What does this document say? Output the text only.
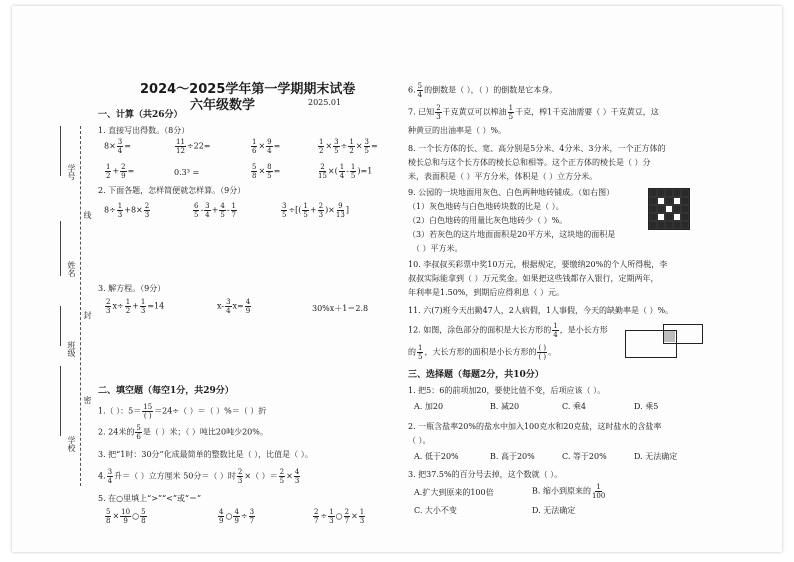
2024～2025学年第一学期期末试卷
六年级数学	2025.01
学号
线
姓名
封
班级
密
学校
一、计算（共26分）
1. 直接写出得数。（8分）
$8\times \frac{3}{4}$ =	$\frac{11}{12} \div 22=$	$\frac{1}{6} \times \frac{9}{4}$ =	$\frac{1}{2} \times \frac{3}{5} \div \frac{1}{2} \times \frac{3}{5}$ =
$\frac{1}{2} + \frac{2}{9}$ =	0.3³ =	$\frac{5}{8} \times \frac{8}{5}$ =	$\frac{2}{15}$ ×( $\frac{1}{4} - \frac{1}{5} )=1$
2. 下面各题，怎样简便就怎样算。（9分）
$8\div \frac{1}{3} +8\times \frac{2}{3}$	$\frac{6}{5} - \frac{3}{4} + \frac{4}{5} - \frac{1}{7}$	$\frac{3}{5}$ ÷[( $\frac{1}{5} + \frac{2}{3}$ )× $\frac{9}{13}$ ]
3. 解方程。（9分）
$\frac{2}{3} x\div \frac{1}{2} + \frac{1}{3} =14$	$x- \frac{3}{4} x= \frac{4}{9}$	30%x＋1＝2.8
二、填空题（每空1分，共29分）
1.（ ）：$5= \frac{15}{( )} =24\div$（ ）＝（ ）%＝（ ）折
2. 24米的 $\frac{5}{6}$ 是（ ）米；（ ）吨比20吨少20%。
3. 把“1时：30分”化成最简单的整数比是（ ），比值是（ ）。
4. $\frac{3}{4}$ 升＝（ ）立方厘米 50分＝（ ）时 $\frac{2}{3}$ ×（ ）＝ $\frac{2}{5} \times \frac{4}{3}$
5. 在○里填上“>”“<”或“＝”
$\frac{5}{8} \times \frac{10}{9}$ ○ $\frac{5}{8}$	$\frac{4}{9}$ ○ $\frac{4}{9} \div \frac{3}{7}$	$\frac{2}{7} \div \frac{1}{3}$ ○ $\frac{2}{7} \times \frac{1}{3}$
6. $\frac{5}{4}$ 的倒数是（ ），（ ）的倒数是它本身。
7. 已知 $\frac{2}{3}$ 千克黄豆可以榨油 $\frac{1}{5}$ 千克，榨1千克油需要（ ）千克黄豆，这
种黄豆的出油率是（ ）%。
8. 一个长方体的长、宽、高分别是5分米、4分米、3分米，一个正方体的
棱长总和与这个长方体的棱长总和相等。这个正方体的棱长是（ ）分
米，表面积是（ ）平方分米，体积是（ ）立方分米。
9. 公园的一块地面用灰色、白色两种地砖铺成。（如右图）
（1）灰色地砖与白色地砖块数的比是（ ）。
（2）白色地砖的用量比灰色地砖少（ ）%。
（3）若灰色的这片地面面积是20平方米，这块地的面积是
（ ）平方米。
10. 李叔叔买彩票中奖10万元，根据规定，要缴纳20%的个人所得税，李
叔叔实际能拿到（ ）万元奖金。如果把这些钱都存入银行，定期两年，
年利率是1.50%，到期后应得利息（ ）元。
11. 六(7)班今天出勤47人，2人病假，1人事假，今天的缺勤率是（ ）%。
12. 如图，涂色部分的面积是大长方形的 $\frac{1}{4}$ ，是小长方形
的 $\frac{1}{5}$ ，大长方形的面积是小长方形的 $\frac{( )}{( )}$ 。
三、选择题（每题2分，共10分）
1. 把5：6的前项加20，要使比值不变，后项应该（ ）。
A. 加20	B. 减20	C. 乘4	D. 乘5
2. 一瓶含盐率20%的盐水中加入100克水和20克盐，这时盐水的含盐率
（ ）。
A. 低于20%	B. 高于20%	C. 等于20%	D. 无法确定
3. 把37.5%的百分号去掉，这个数就（ ）。
A.扩大到原来的100倍	B. 缩小到原来的 $\frac{1}{100}$
C. 大小不变	D. 无法确定
